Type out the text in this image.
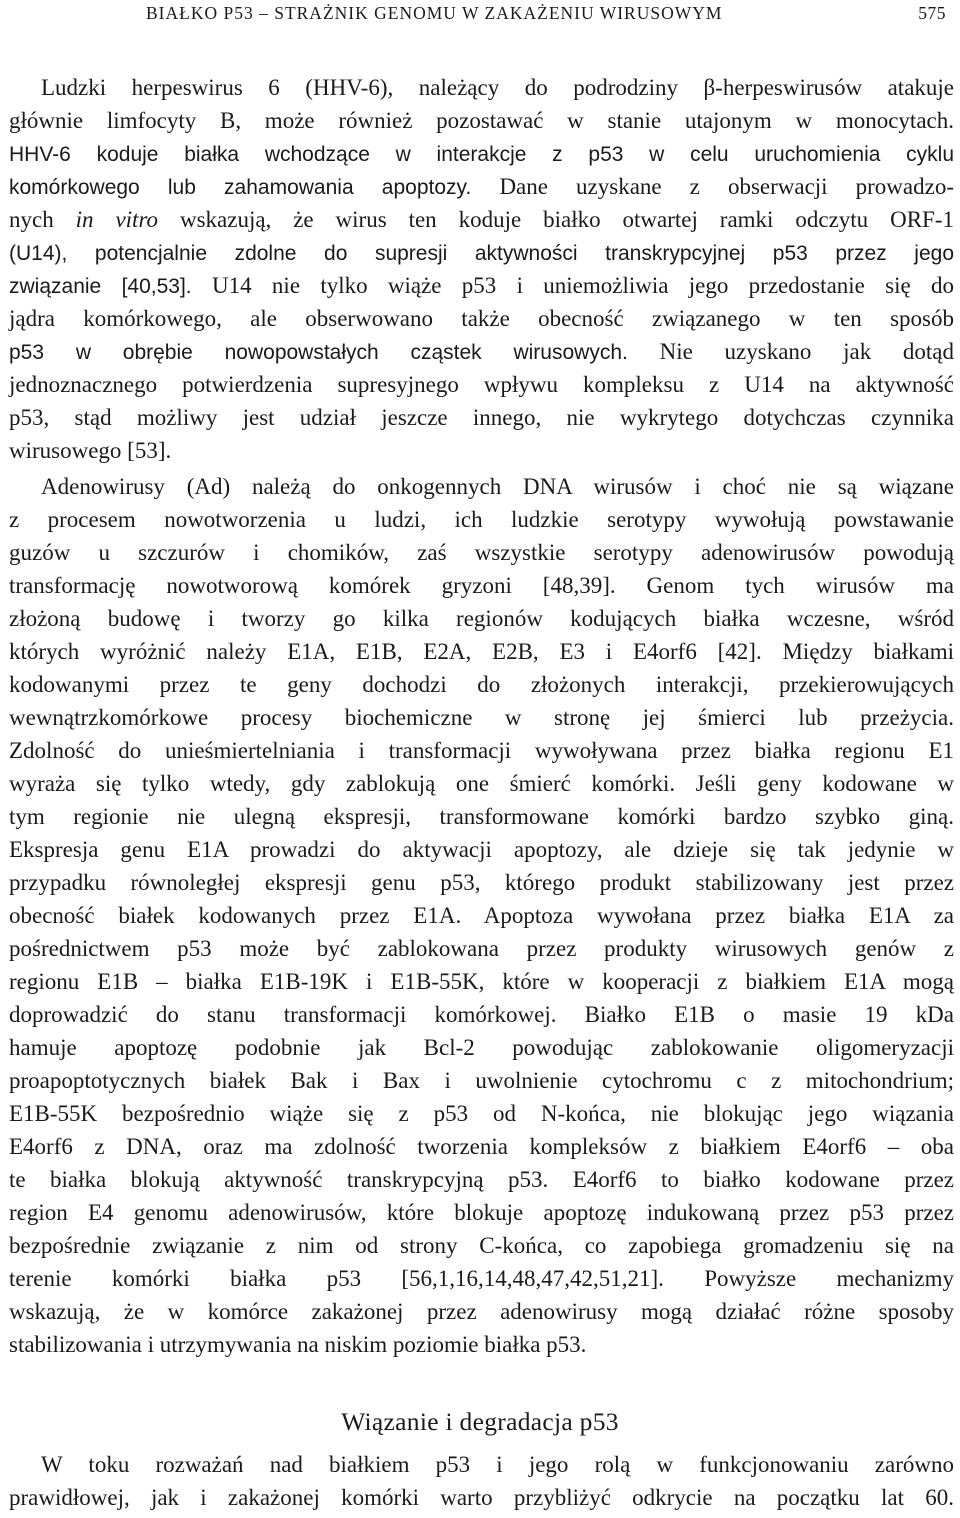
BIAŁKO P53 – STRAŻNIK GENOMU W ZAKAŻENIU WIRUSOWYM	575
Ludzki herpeswirus 6 (HHV-6), należący do podrodziny β-herpeswirusów atakuje
głównie limfocyty B, może również pozostawać w stanie utajonym w monocytach.
HHV-6 koduje białka wchodzące w interakcje z p53 w celu uruchomienia cyklu
komórkowego lub zahamowania apoptozy. Dane uzyskane z obserwacji prowadzo-
nych in vitro wskazują, że wirus ten koduje białko otwartej ramki odczytu ORF-1
(U14), potencjalnie zdolne do supresji aktywności transkrypcyjnej p53 przez jego
związanie [40,53]. U14 nie tylko wiąże p53 i uniemożliwia jego przedostanie się do
jądra komórkowego, ale obserwowano także obecność związanego w ten sposób
p53 w obrębie nowopowstałych cząstek wirusowych. Nie uzyskano jak dotąd
jednoznacznego potwierdzenia supresyjnego wpływu kompleksu z U14 na aktywność
p53, stąd możliwy jest udział jeszcze innego, nie wykrytego dotychczas czynnika
wirusowego [53].
Adenowirusy (Ad) należą do onkogennych DNA wirusów i choć nie są wiązane
z procesem nowotworzenia u ludzi, ich ludzkie serotypy wywołują powstawanie
guzów u szczurów i chomików, zaś wszystkie serotypy adenowirusów powodują
transformację nowotworową komórek gryzoni [48,39]. Genom tych wirusów ma
złożoną budowę i tworzy go kilka regionów kodujących białka wczesne, wśród
których wyróżnić należy E1A, E1B, E2A, E2B, E3 i E4orf6 [42]. Między białkami
kodowanymi przez te geny dochodzi do złożonych interakcji, przekierowujących
wewnątrzkomórkowe procesy biochemiczne w stronę jej śmierci lub przeżycia.
Zdolność do unieśmiertelniania i transformacji wywoływana przez białka regionu E1
wyraża się tylko wtedy, gdy zablokują one śmierć komórki. Jeśli geny kodowane w
tym regionie nie ulegną ekspresji, transformowane komórki bardzo szybko giną.
Ekspresja genu E1A prowadzi do aktywacji apoptozy, ale dzieje się tak jedynie w
przypadku równoległej ekspresji genu p53, którego produkt stabilizowany jest przez
obecność białek kodowanych przez E1A. Apoptoza wywołana przez białka E1A za
pośrednictwem p53 może być zablokowana przez produkty wirusowych genów z
regionu E1B – białka E1B-19K i E1B-55K, które w kooperacji z białkiem E1A mogą
doprowadzić do stanu transformacji komórkowej. Białko E1B o masie 19 kDa
hamuje apoptozę podobnie jak Bcl-2 powodując zablokowanie oligomeryzacji
proapoptotycznych białek Bak i Bax i uwolnienie cytochromu c z mitochondrium;
E1B-55K bezpośrednio wiąże się z p53 od N-końca, nie blokując jego wiązania
E4orf6 z DNA, oraz ma zdolność tworzenia kompleksów z białkiem E4orf6 – oba
te białka blokują aktywność transkrypcyjną p53. E4orf6 to białko kodowane przez
region E4 genomu adenowirusów, które blokuje apoptozę indukowaną przez p53 przez
bezpośrednie związanie z nim od strony C-końca, co zapobiega gromadzeniu się na
terenie komórki białka p53 [56,1,16,14,48,47,42,51,21]. Powyższe mechanizmy
wskazują, że w komórce zakażonej przez adenowirusy mogą działać różne sposoby
stabilizowania i utrzymywania na niskim poziomie białka p53.
Wiązanie i degradacja p53
W toku rozważań nad białkiem p53 i jego rolą w funkcjonowaniu zarówno
prawidłowej, jak i zakażonej komórki warto przybliżyć odkrycie na początku lat 60.
